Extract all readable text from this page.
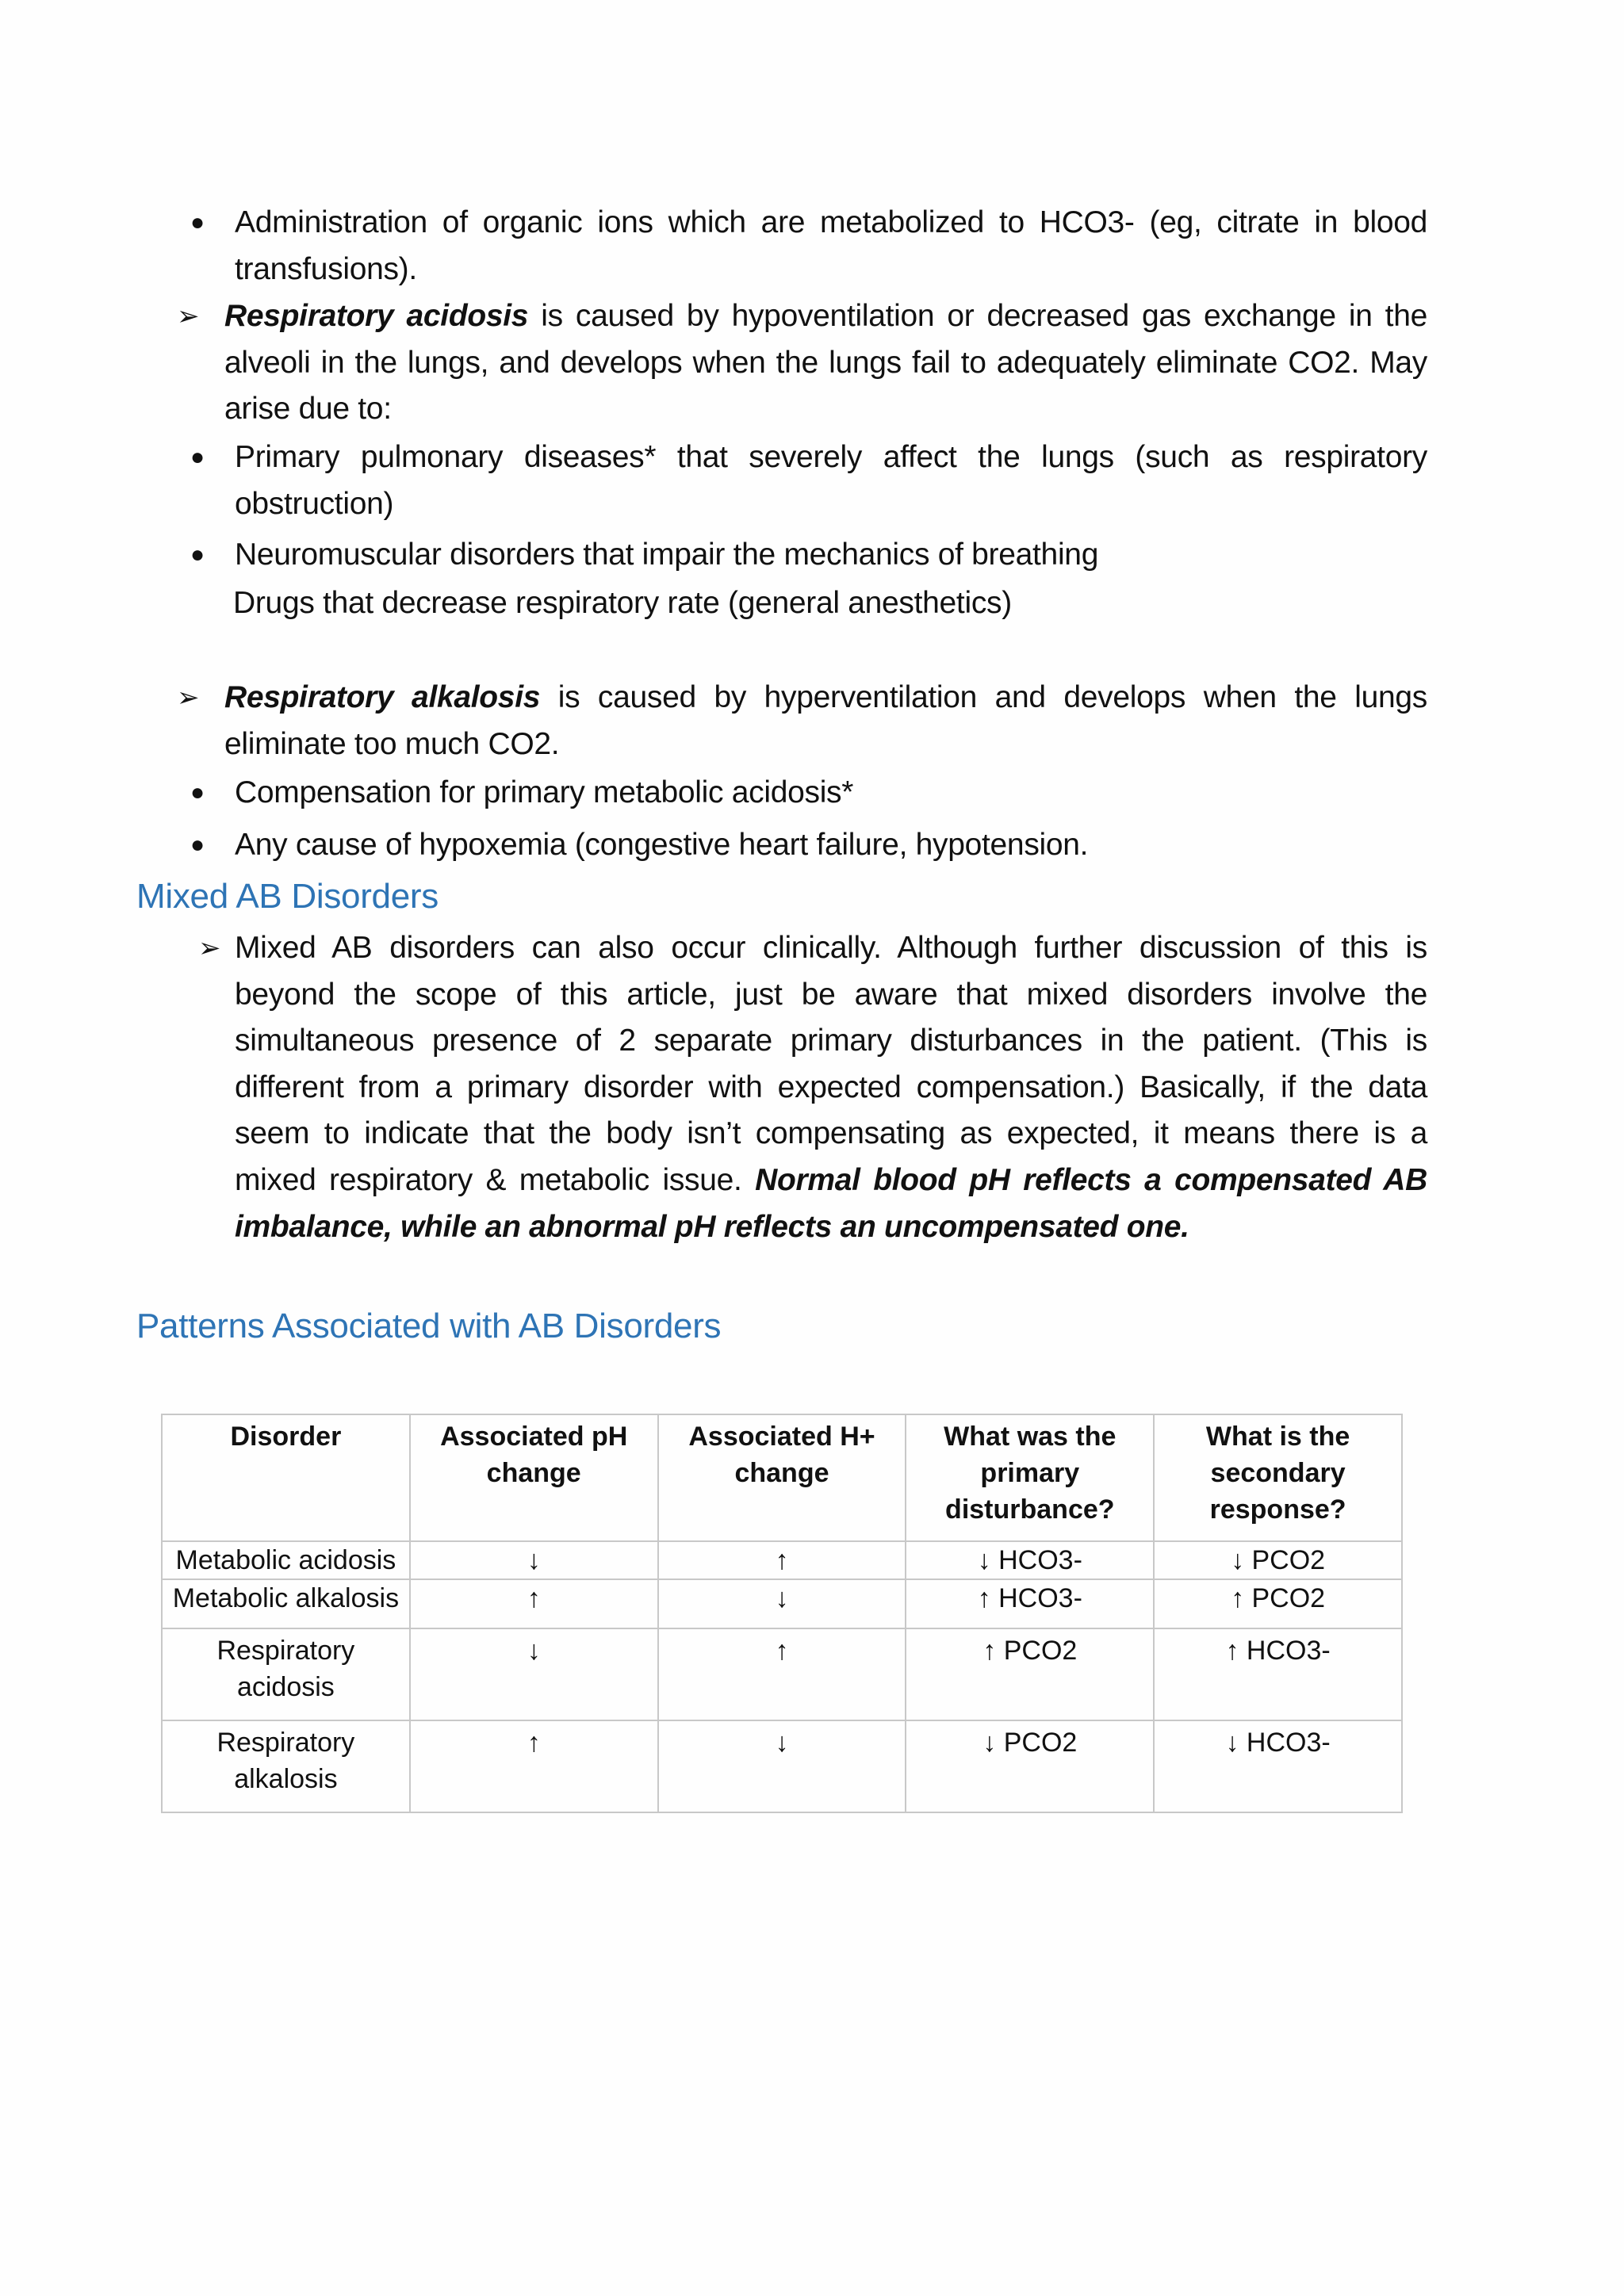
● Administration of organic ions which are metabolized to HCO3- (eg, citrate in blood transfusions).
➢ Respiratory acidosis is caused by hypoventilation or decreased gas exchange in the alveoli in the lungs, and develops when the lungs fail to adequately eliminate CO2. May arise due to:
● Primary pulmonary diseases* that severely affect the lungs (such as respiratory obstruction)
● Neuromuscular disorders that impair the mechanics of breathing
Drugs that decrease respiratory rate (general anesthetics)
➢ Respiratory alkalosis is caused by hyperventilation and develops when the lungs eliminate too much CO2.
● Compensation for primary metabolic acidosis*
● Any cause of hypoxemia (congestive heart failure, hypotension.
Mixed AB Disorders
➢ Mixed AB disorders can also occur clinically. Although further discussion of this is beyond the scope of this article, just be aware that mixed disorders involve the simultaneous presence of 2 separate primary disturbances in the patient. (This is different from a primary disorder with expected compensation.) Basically, if the data seem to indicate that the body isn’t compensating as expected, it means there is a mixed respiratory & metabolic issue. Normal blood pH reflects a compensated AB imbalance, while an abnormal pH reflects an uncompensated one.
Patterns Associated with AB Disorders
Disorder	Associated pH change	Associated H+ change	What was the primary disturbance?	What is the secondary response?
Metabolic acidosis	↓	↑	↓ HCO3-	↓ PCO2
Metabolic alkalosis	↑	↓	↑ HCO3-	↑ PCO2
Respiratory acidosis	↓	↑	↑ PCO2	↑ HCO3-
Respiratory alkalosis	↑	↓	↓ PCO2	↓ HCO3-
